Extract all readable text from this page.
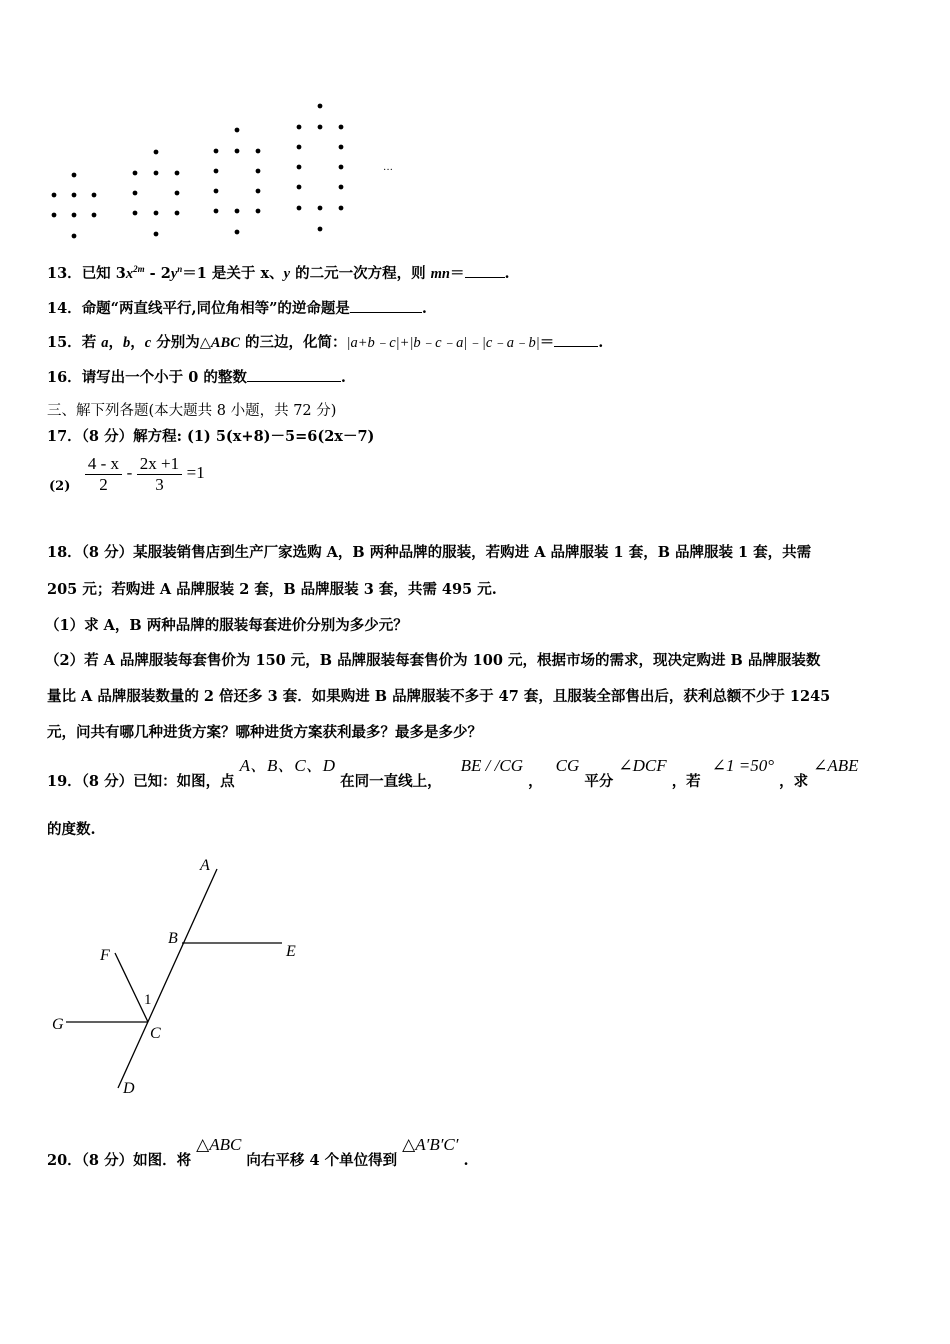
···
13．已知 $3x^{2m} - 2y^n=1$ 是关于 x、y 的二元一次方程，则 mn＝	.
14．命题“两直线平行,同位角相等”的逆命题是	.
15．若 a，b，c 分别为△ABC 的三边，化简：|a+b﹣c|+|b﹣c﹣a|﹣|c﹣a﹣b|＝	.
16．请写出一个小于 0 的整数	.
三、解下列各题(本大题共 8 小题，共 72 分)
17．（8 分）解方程: (1) 5(x+8)－5=6(2x－7)
$(2) \frac{4 - x}{2} - \frac{2x +1}{3} =1$
18．（8 分）某服装销售店到生产厂家选购 A，B 两种品牌的服装，若购进 A 品牌服装 1 套，B 品牌服装 1 套，共需
205 元；若购进 A 品牌服装 2 套，B 品牌服装 3 套，共需 495 元.
（1）求 A，B 两种品牌的服装每套进价分别为多少元？
（2）若 A 品牌服装每套售价为 150 元，B 品牌服装每套售价为 100 元，根据市场的需求，现决定购进 B 品牌服装数
量比 A 品牌服装数量的 2 倍还多 3 套．如果购进 B 品牌服装不多于 47 套，且服装全部售出后，获利总额不少于 1245
元，问共有哪几种进货方案？哪种进货方案获利最多？最多是多少？
19．（8 分）已知：如图，点 A、B、C、D 在同一直线上， BE / /CG ， CG 平分 ∠DCF ，若 ∠1 =50° ，求 ∠ABE
的度数.
A
B
E
F
1
G
C
D
20．（8 分）如图．将 △ABC 向右平移 4 个单位得到 △A′B′C′ .
